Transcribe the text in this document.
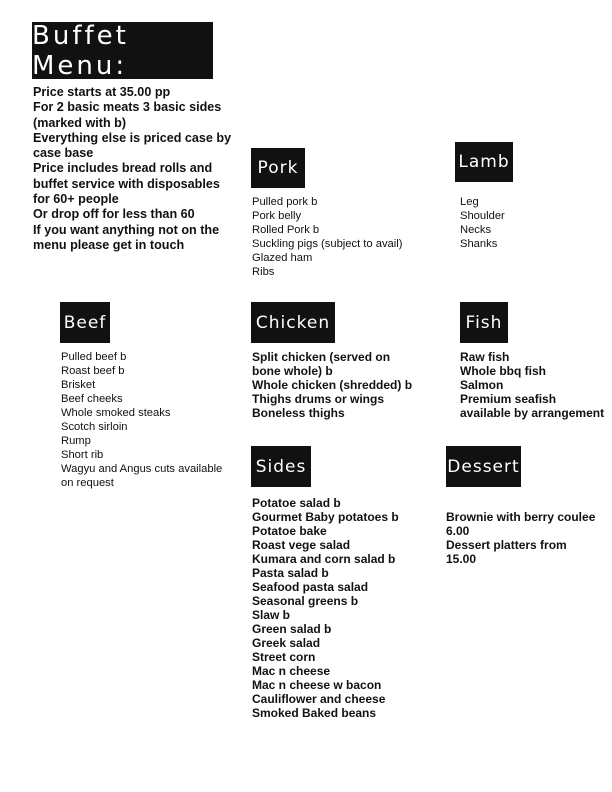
Buffet Menu:
Price starts at 35.00 pp
For 2 basic meats 3 basic sides
(marked with b)
Everything else is priced case by
case base
Price includes bread rolls and
buffet service with disposables
for 60+ people
Or drop off for less than 60
If you want anything not on the
menu please get in touch
Pork
Pulled pork b
Pork belly
Rolled Pork b
Suckling pigs (subject to avail)
Glazed ham
Ribs
Lamb
Leg
Shoulder
Necks
Shanks
Beef
Pulled beef b
Roast beef b
Brisket
Beef cheeks
Whole smoked steaks
Scotch sirloin
Rump
Short rib
Wagyu and Angus cuts available
on request
Chicken
Split chicken (served on
bone whole) b
Whole chicken (shredded) b
Thighs drums or wings
Boneless thighs
Fish
Raw fish
Whole bbq fish
Salmon
Premium seafish
available by arrangement
Sides
Potatoe salad b
Gourmet Baby potatoes b
Potatoe bake
Roast vege salad
Kumara and corn salad b
Pasta salad b
Seafood pasta salad
Seasonal greens b
Slaw b
Green salad b
Greek salad
Street corn
Mac n cheese
Mac n cheese w bacon
Cauliflower and cheese
Smoked Baked beans
Dessert
Brownie with berry coulee
6.00
Dessert platters from
15.00
